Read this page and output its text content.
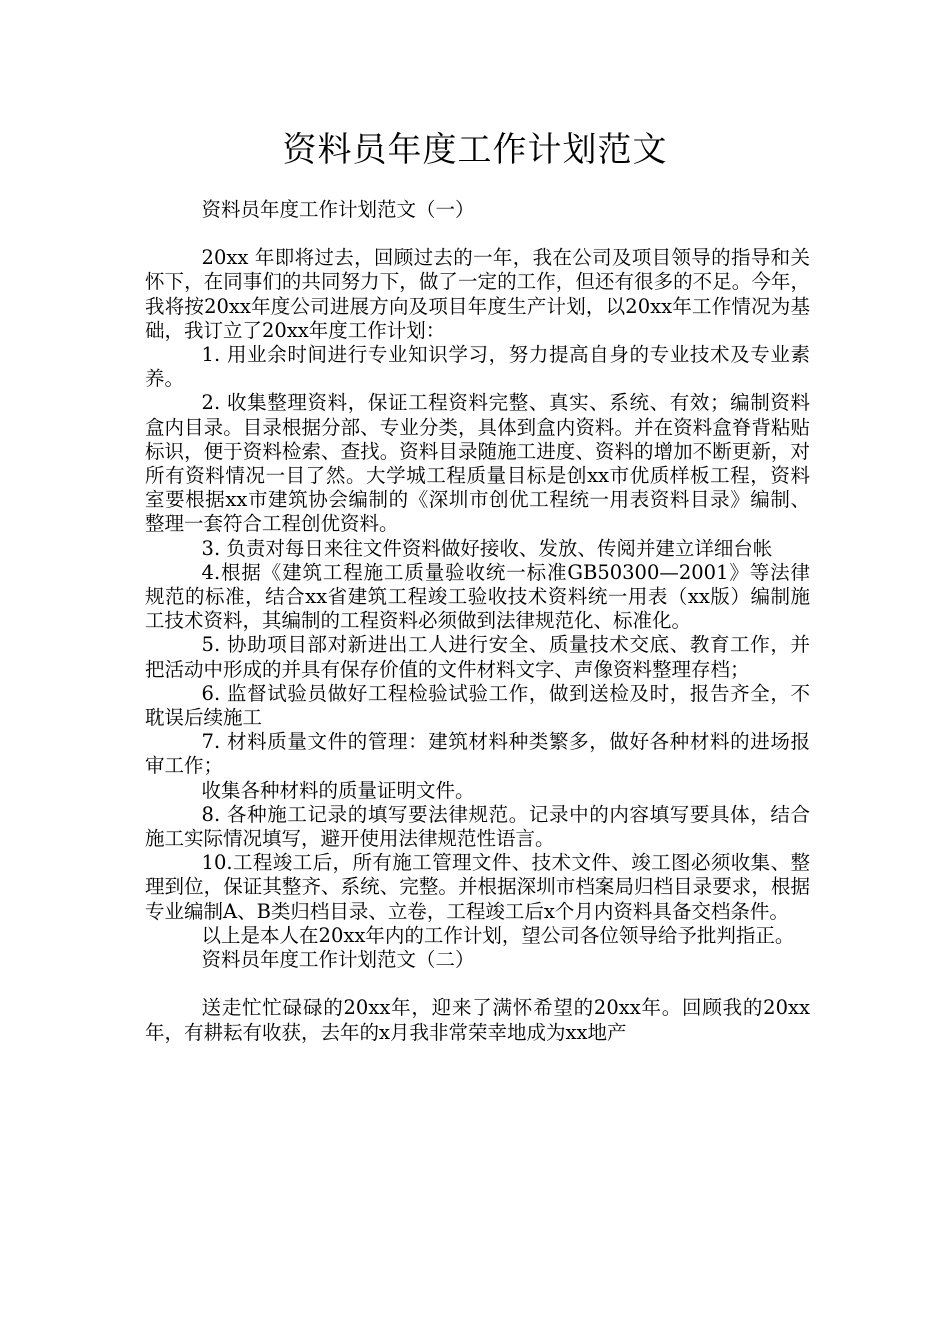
资料员年度工作计划范文

资料员年度工作计划范文（一）

20xx 年即将过去，回顾过去的一年，我在公司及项目领导的指导和关怀下，在同事们的共同努力下，做了一定的工作，但还有很多的不足。今年，我将按20xx年度公司进展方向及项目年度生产计划，以20xx年工作情况为基础，我订立了20xx年度工作计划：

1. 用业余时间进行专业知识学习，努力提高自身的专业技术及专业素养。

2. 收集整理资料，保证工程资料完整、真实、系统、有效；编制资料盒内目录。目录根据分部、专业分类，具体到盒内资料。并在资料盒脊背粘贴标识，便于资料检索、查找。资料目录随施工进度、资料的增加不断更新，对所有资料情况一目了然。大学城工程质量目标是创xx市优质样板工程，资料室要根据xx市建筑协会编制的《深圳市创优工程统一用表资料目录》编制、整理一套符合工程创优资料。

3. 负责对每日来往文件资料做好接收、发放、传阅并建立详细台帐

4.根据《建筑工程施工质量验收统一标准GB50300—2001》等法律规范的标准，结合xx省建筑工程竣工验收技术资料统一用表（xx版）编制施工技术资料，其编制的工程资料必须做到法律规范化、标准化。

5. 协助项目部对新进出工人进行安全、质量技术交底、教育工作，并把活动中形成的并具有保存价值的文件材料文字、声像资料整理存档；

6. 监督试验员做好工程检验试验工作，做到送检及时，报告齐全，不耽误后续施工

7. 材料质量文件的管理：建筑材料种类繁多，做好各种材料的进场报审工作；

收集各种材料的质量证明文件。

8. 各种施工记录的填写要法律规范。记录中的内容填写要具体，结合施工实际情况填写，避开使用法律规范性语言。

10.工程竣工后，所有施工管理文件、技术文件、竣工图必须收集、整理到位，保证其整齐、系统、完整。并根据深圳市档案局归档目录要求，根据专业编制A、B类归档目录、立卷，工程竣工后x个月内资料具备交档条件。

以上是本人在20xx年内的工作计划，望公司各位领导给予批判指正。

资料员年度工作计划范文（二）

送走忙忙碌碌的20xx年，迎来了满怀希望的20xx年。回顾我的20xx年，有耕耘有收获，去年的x月我非常荣幸地成为xx地产
